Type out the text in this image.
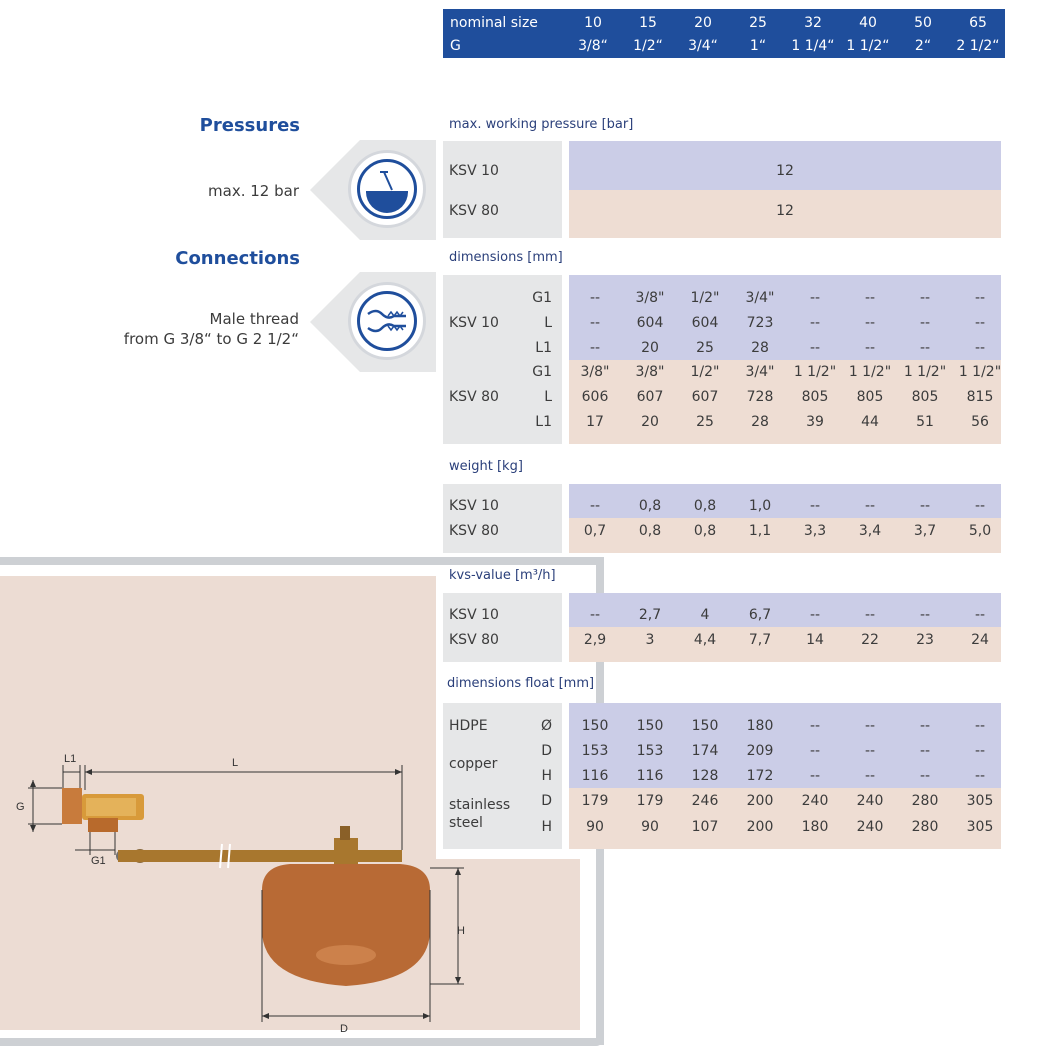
nominal size
G
10	15	20	25	32	40	50	65
3/8“	1/2“	3/4“	1“	1 1/4“ 1 1/2“	2“	2 1/2“
Pressures
max. 12 bar
Connections
Male thread
from G 3/8“ to G 2 1/2“
max. working pressure [bar]
KSV 10
KSV 80
12
12
dimensions [mm]
KSV 10
KSV 80
G1	--	3/8"	1/2"	3/4"	--	--	--	--
L	--	604	604	723	--	--	--	--
L1	--	20	25	28	--	--	--	--
G1	3/8"	3/8"	1/2"	3/4"	1 1/2" 1 1/2" 1 1/2" 1 1/2"
L	606	607	607	728	805	805	805	815
L1	17	20	25	28	39	44	51	56
weight [kg]
KSV 10
KSV 80
--	0,8	0,8	1,0	--	--	--	--
0,7	0,8	0,8	1,1	3,3	3,4	3,7	5,0
kvs-value [m³/h]
KSV 10
KSV 80
--	2,7	4	6,7	--	--	--	--
2,9	3	4,4	7,7	14	22	23	24
dimensions float [mm]
HDPE
copper
stainless
steel
Ø	150	150	150	180	--	--	--	--
D	153	153	174	209	--	--	--	--
H	116	116	128	172	--	--	--	--
D	179	179	246	200	240	240	280	305
H	90	90	107	200	180	240	280	305
L1	L
G
G1
H
D
